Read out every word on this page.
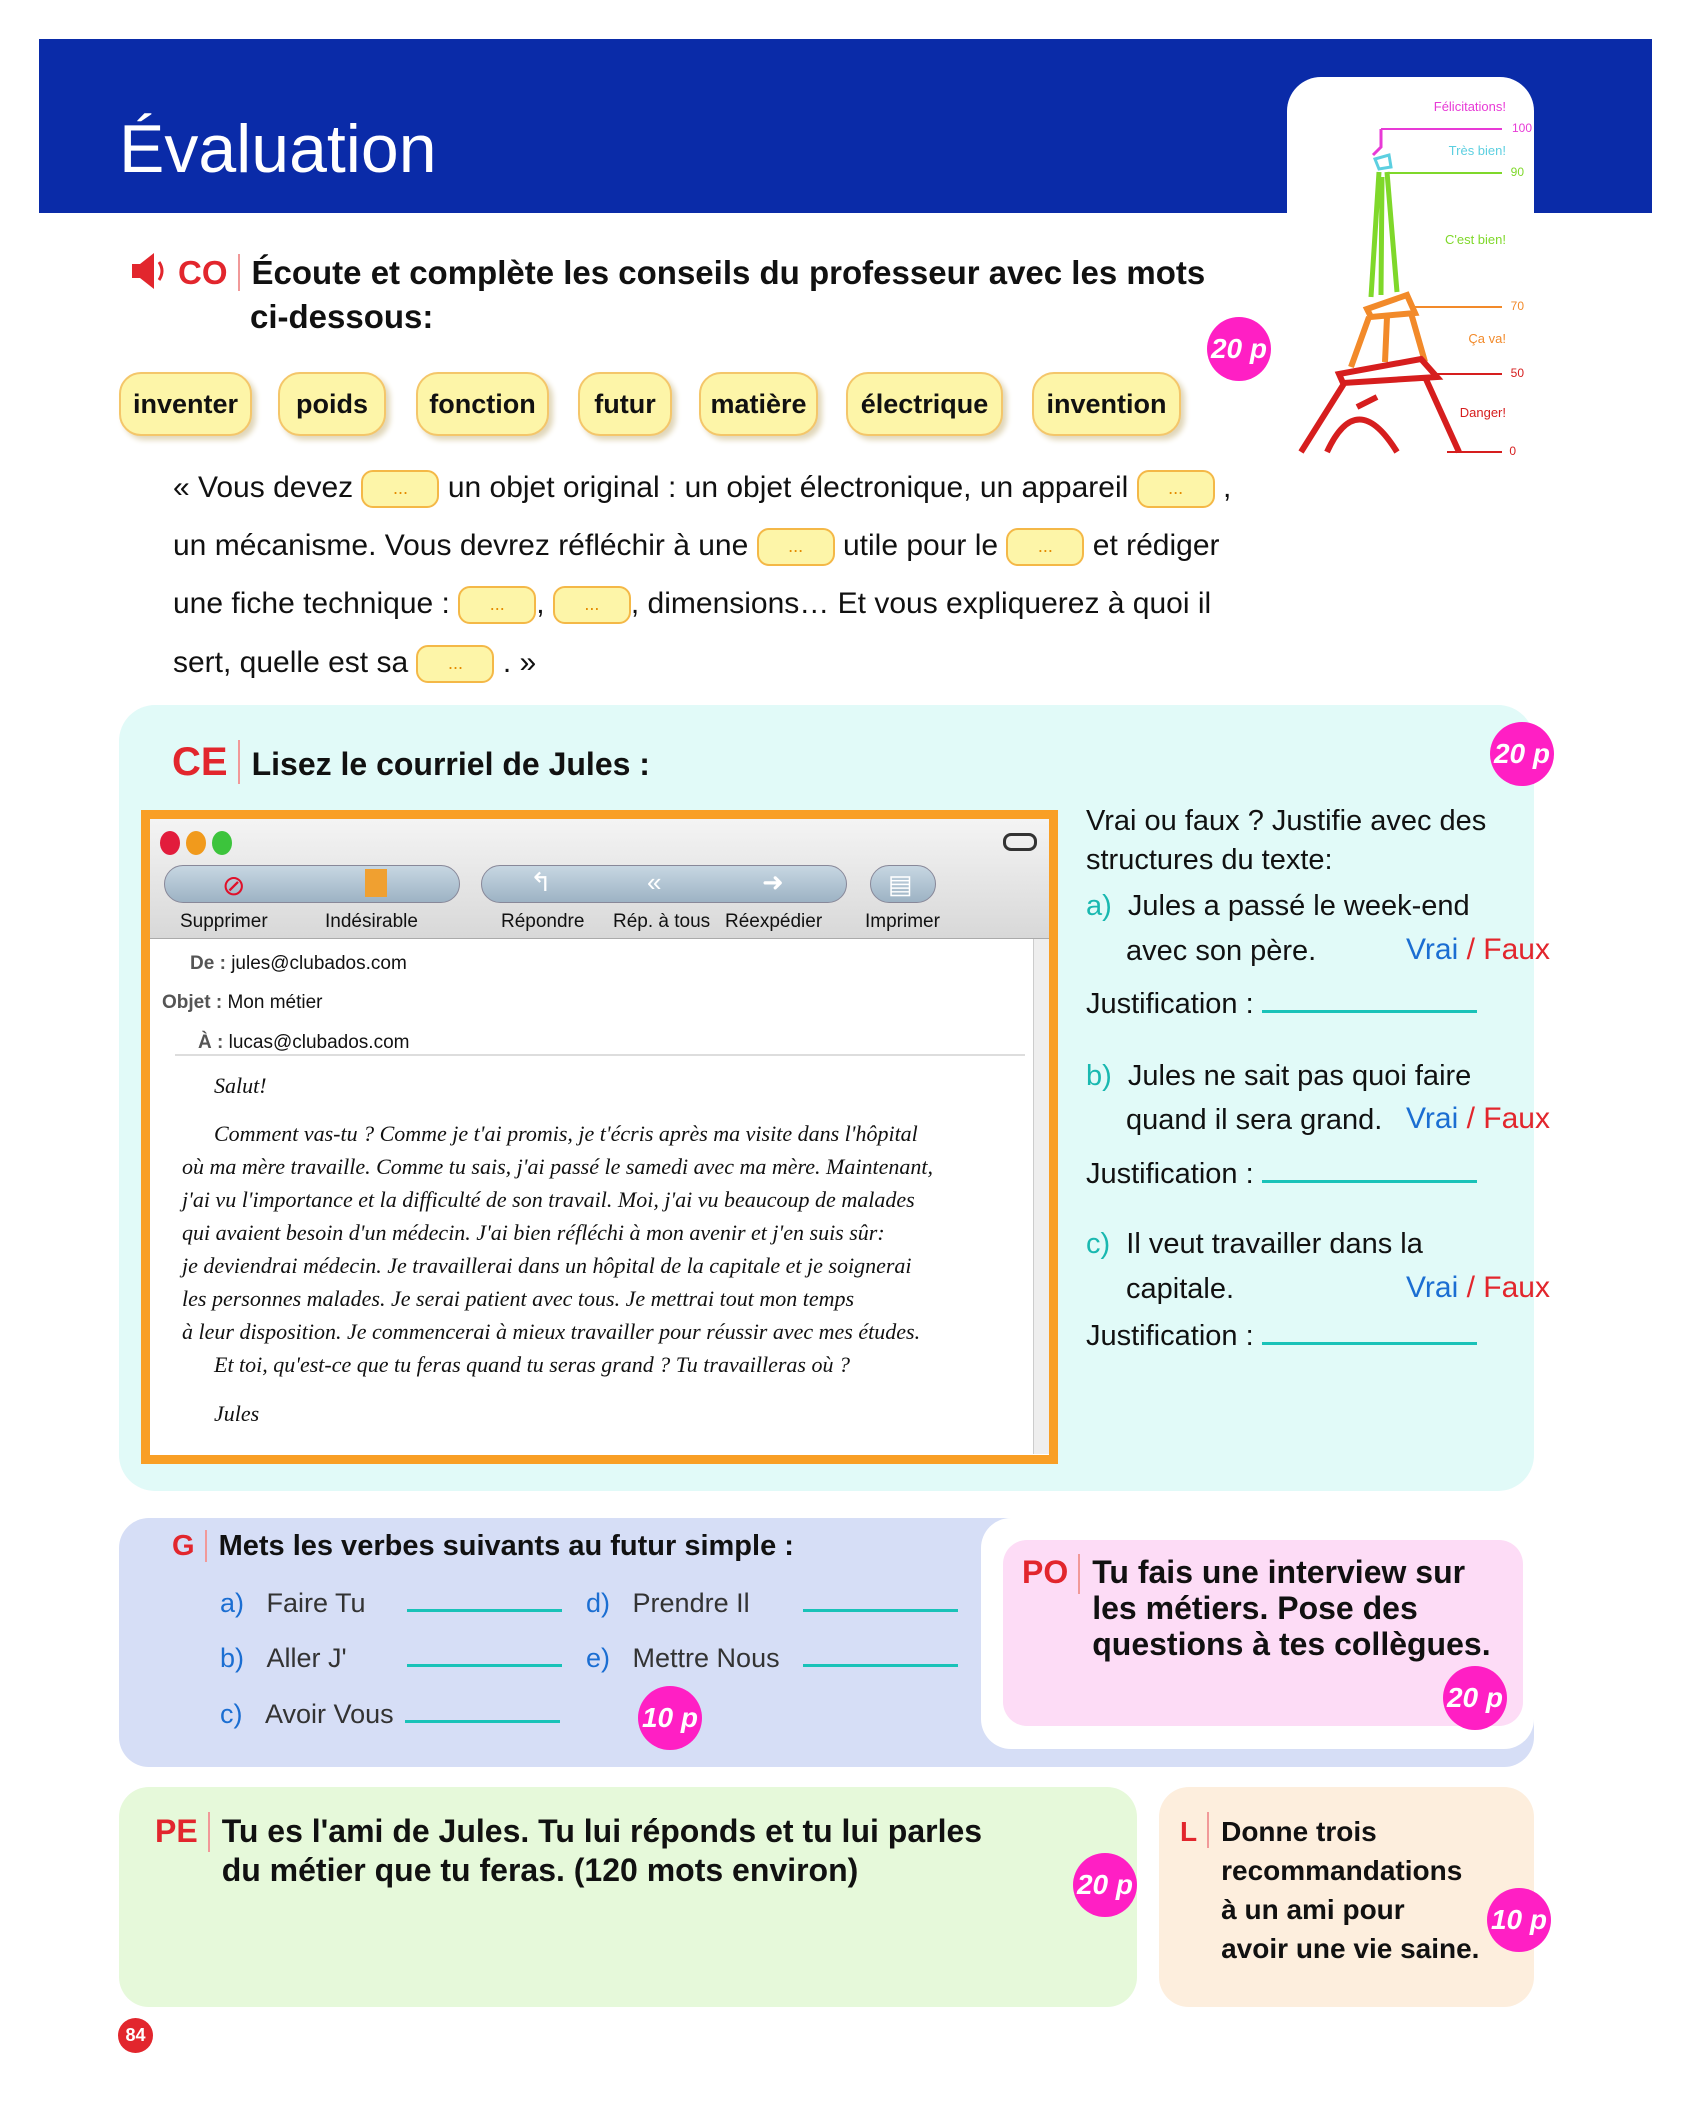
Évaluation
Félicitations!
100
Très bien!
90
C'est bien!
70
Ça va!
50
Danger!
0
CO Écoute et complète les conseils du professeur avec les mots
ci-dessous:
20 p
inventer	poids	fonction	futur	matière	électrique	invention
« Vous devez ... un objet original : un objet électronique, un appareil ... ,
un mécanisme. Vous devrez réfléchir à une ... utile pour le ... et rédiger
une fiche technique : ... , ... , dimensions… Et vous expliquerez à quoi il
sert, quelle est sa ... . »
CE Lisez le courriel de Jules :	20 p
⊘	↰	«	➜	▤
Supprimer	Indésirable	Répondre Rép. à tous Réexpédier Imprimer
De : jules@clubados.com
Objet : Mon métier
À : lucas@clubados.com
Salut!
Comment vas-tu ? Comme je t'ai promis, je t'écris après ma visite dans l'hôpital
où ma mère travaille. Comme tu sais, j'ai passé le samedi avec ma mère. Maintenant,
j'ai vu l'importance et la difficulté de son travail. Moi, j'ai vu beaucoup de malades
qui avaient besoin d'un médecin. J'ai bien réfléchi à mon avenir et j'en suis sûr:
je deviendrai médecin. Je travaillerai dans un hôpital de la capitale et je soignerai
les personnes malades. Je serai patient avec tous. Je mettrai tout mon temps
à leur disposition. Je commencerai à mieux travailler pour réussir avec mes études.
Et toi, qu'est-ce que tu feras quand tu seras grand ? Tu travailleras où ?
Jules
Vrai ou faux ? Justifie avec des
structures du texte:
a) Jules a passé le week-end
avec son père.	Vrai / Faux
Justification :
b) Jules ne sait pas quoi faire
quand il sera grand. Vrai / Faux
Justification :
c) Il veut travailler dans la
capitale.	Vrai / Faux
Justification :
G Mets les verbes suivants au futur simple :
a) Faire Tu
b) Aller J'
c) Avoir Vous
d) Prendre Il
e) Mettre Nous
10 p
PO Tu fais une interview sur
les métiers. Pose des
questions à tes collègues.
20 p
PE Tu es l'ami de Jules. Tu lui réponds et tu lui parles
du métier que tu feras. (120 mots environ)	20 p
L Donne trois
recommandations
à un ami pour
avoir une vie saine.
10 p
84
